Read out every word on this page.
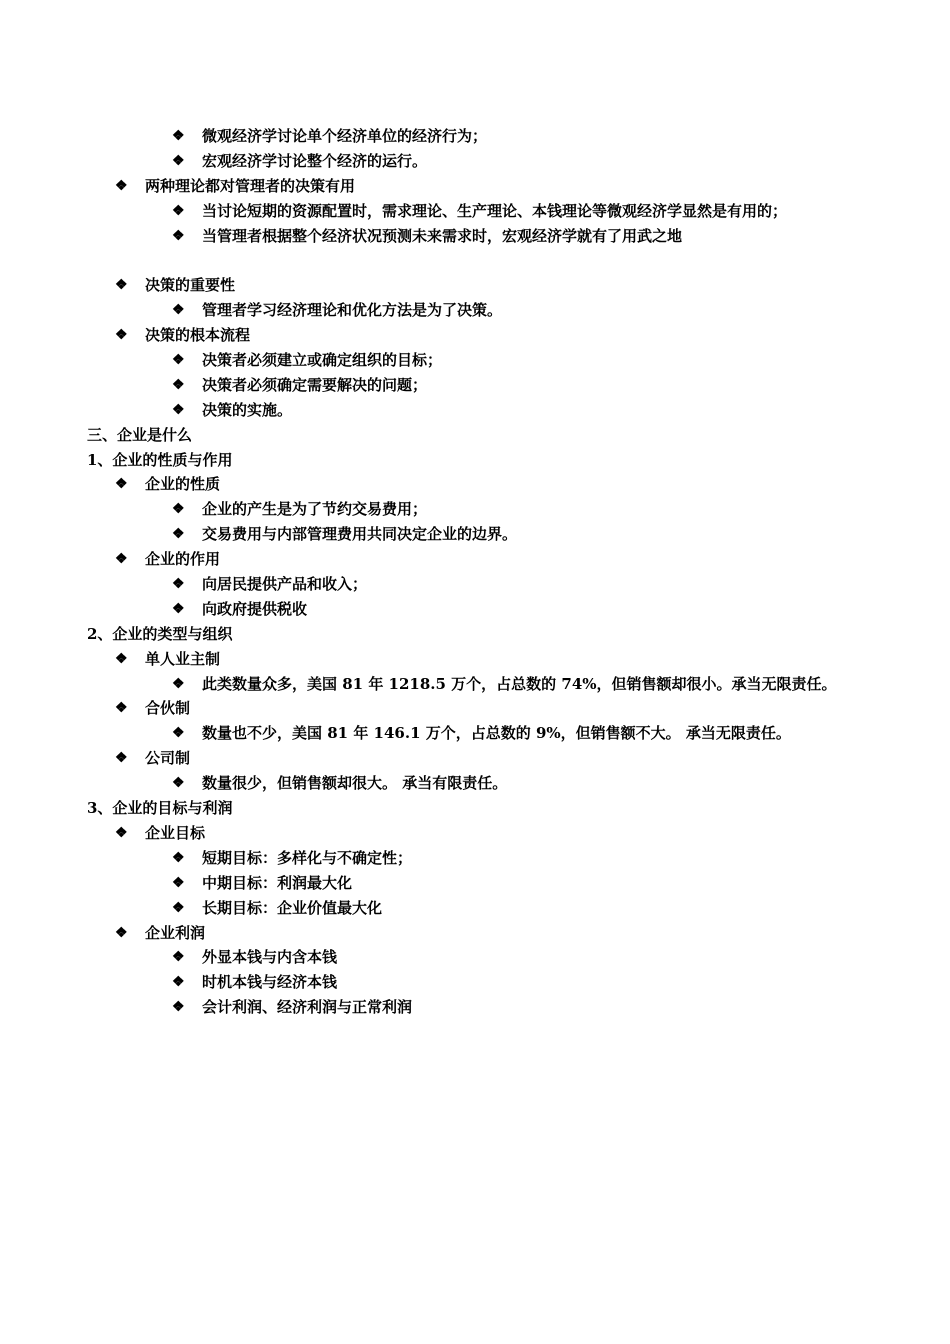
❖	微观经济学讨论单个经济单位的经济行为；
❖	宏观经济学讨论整个经济的运行。
❖	两种理论都对管理者的决策有用
❖	当讨论短期的资源配置时，需求理论、生产理论、本钱理论等微观经济学显然是有用的；
❖	当管理者根据整个经济状况预测未来需求时，宏观经济学就有了用武之地
❖	决策的重要性
❖	管理者学习经济理论和优化方法是为了决策。
❖	决策的根本流程
❖	决策者必须建立或确定组织的目标；
❖	决策者必须确定需要解决的问题；
❖	决策的实施。
三、企业是什么
1、企业的性质与作用
❖	企业的性质
❖	企业的产生是为了节约交易费用；
❖	交易费用与内部管理费用共同决定企业的边界。
❖	企业的作用
❖	向居民提供产品和收入；
❖	向政府提供税收
2、企业的类型与组织
❖	单人业主制
❖	此类数量众多，美国 81 年 1218.5 万个，占总数的 74%，但销售额却很小。承当无限责任。
❖	合伙制
❖	数量也不少，美国 81 年 146.1 万个，占总数的 9%，但销售额不大。 承当无限责任。
❖	公司制
❖	数量很少，但销售额却很大。 承当有限责任。
3、企业的目标与利润
❖	企业目标
❖	短期目标：多样化与不确定性；
❖	中期目标：利润最大化
❖	长期目标：企业价值最大化
❖	企业利润
❖	外显本钱与内含本钱
❖	时机本钱与经济本钱
❖	会计利润、经济利润与正常利润
